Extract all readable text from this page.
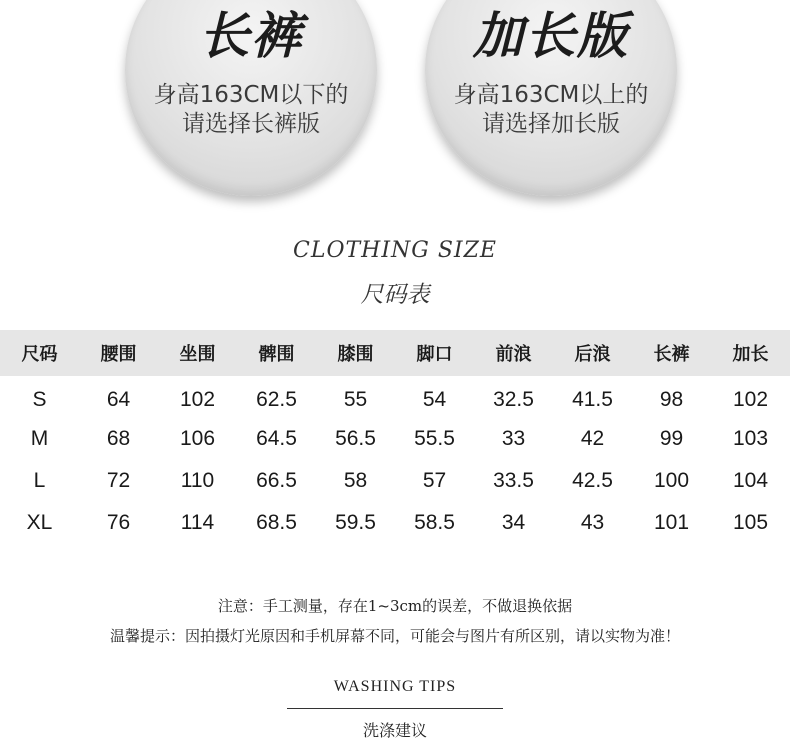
长裤
身高163CM以下的
请选择长裤版
加长版
身高163CM以上的
请选择加长版
CLOTHING SIZE
尺码表
尺码	腰围	坐围	髀围	膝围	脚口	前浪	后浪	长裤	加长
S	64	102	62.5	55	54	32.5	41.5	98	102
M	68	106	64.5	56.5	55.5	33	42	99	103
L	72	110	66.5	58	57	33.5	42.5	100	104
XL	76	114	68.5	59.5	58.5	34	43	101	105
注意：手工测量，存在1~3cm的误差，不做退换依据
温馨提示：因拍摄灯光原因和手机屏幕不同，可能会与图片有所区别，请以实物为准！
WASHING TIPS
洗涤建议
